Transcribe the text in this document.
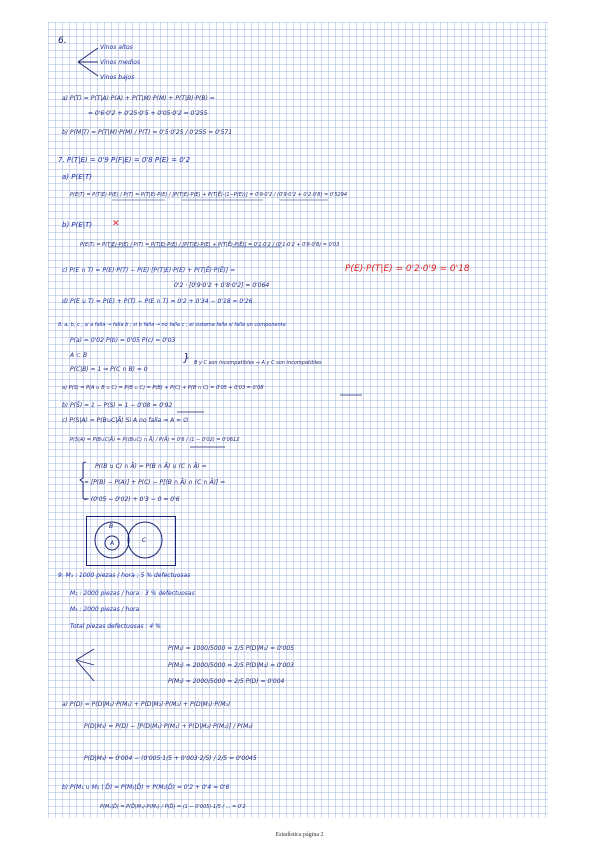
6.
Vinos altos
Vinos medios
Vinos bajos
a) P(T) = P(T|A)·P(A) + P(T|M)·P(M) + P(T|B)·P(B) =
= 0'6·0'2 + 0'25·0'5 + 0'05·0'2 = 0'255
b) P(M|T) = P(T|M)·P(M) / P(T) = 0'5·0'25 / 0'255 = 0'571
7. P(T|E) = 0'9 P(F|E) = 0'8 P(E) = 0'2
a) P(E|T)
P(E|T) = P(T|E)·P(E) / P(T) = P(T|E)·P(E) / [P(T|E)·P(E) + P(T|Ē)·(1−P(E))] = 0'9·0'2 / (0'9·0'2 + 0'2·0'8) = 0'5294
b) P(E|T) ✕
P(E|T) = P(T|E)·P(E) / P(T) = P(T|E)·P(E) / [P(T|E)·P(E) + P(T|Ē)·P(Ē)] = 0'1·0'2 / (0'1·0'2 + 0'8·0'8) = 0'03
c) P(E ∩ T) = P(E)·P(T) − P(E)·[P(T|E)·P(E) + P(T|Ē)·P(Ē)] =	P(E)·P(T|E) = 0'2·0'9 = 0'18
0'2 · [0'9·0'2 + 0'8·0'2] = 0'064
d) P(E ∪ T) = P(E) + P(T) − P(E ∩ T) = 0'2 + 0'34 − 0'18 = 0'26
8. a, b, c ; si a falla → falla b ; si b falla → no falla c ; el sistema falla si falla un componente
P(a) = 0'02 P(b) = 0'05 P(c) = 0'03
A ⊂ B
P(C|B) = 1 ⇒ P(C ∩ B) = 0
} B y C son incompatibles ⇒ A y C son incompatibles
a) P(S) = P(A ∪ B ∪ C) = P(B ∪ C) = P(B) + P(C) + P(B ∩ C) = 0'05 + 0'03 = 0'08
b) P(S̄) = 1 − P(S) = 1 − 0'08 = 0'92
c) P(S|A) = P(B∪C|Ā) Si A no falla ⇒ A = ∅
P(S|A) = P(B∪C|Ā) = P((B∪C) ∩ Ā) / P(Ā) = 0'6 / (1 − 0'02) = 0'0612
P((B ∪ C) ∩ Ā) = P(B ∩ Ā) ∪ (C ∩ Ā) =
= [P(B) − P(A)] + P(C) − P[(B ∩ Ā) ∩ (C ∩ Ā)] =
= (0'05 − 0'02) + 0'3 − 0 = 0'6
9. M₁ : 1000 piezas / hora ; 5 % defectuosas
M₂ : 2000 piezas / hora : 3 % defectuosas
M₃ : 2000 piezas / hora
Total piezas defectuosas : 4 %
P(M₁) = 1000/5000 = 1/5 P(D|M₁) = 0'005
P(M₂) = 2000/5000 = 2/5 P(D|M₂) = 0'003
P(M₃) = 2000/5000 = 2/5 P(D) = 0'004
a) P(D) = P(D|M₁)·P(M₁) + P(D|M₂)·P(M₂) + P(D|M₃)·P(M₃)
P(D|M₃) = P(D) − [P(D|M₁)·P(M₁) + P(D|M₂)·P(M₂)] / P(M₃)
P(D|M₃) = 0'004 − (0'005·1/5 + 0'003·2/5) / 2/5 = 0'0045
b) P(M₁ ∪ M₂ | D̄) = P(M₁|D̄) + P(M₂|D̄) = 0'2 + 0'4 = 0'6
P(M₁|D̄) = P(D̄|M₁)·P(M₁) / P(D̄) = (1 − 0'005)·1/5 / ... = 0'2
B
A	C
Estadística página 2
